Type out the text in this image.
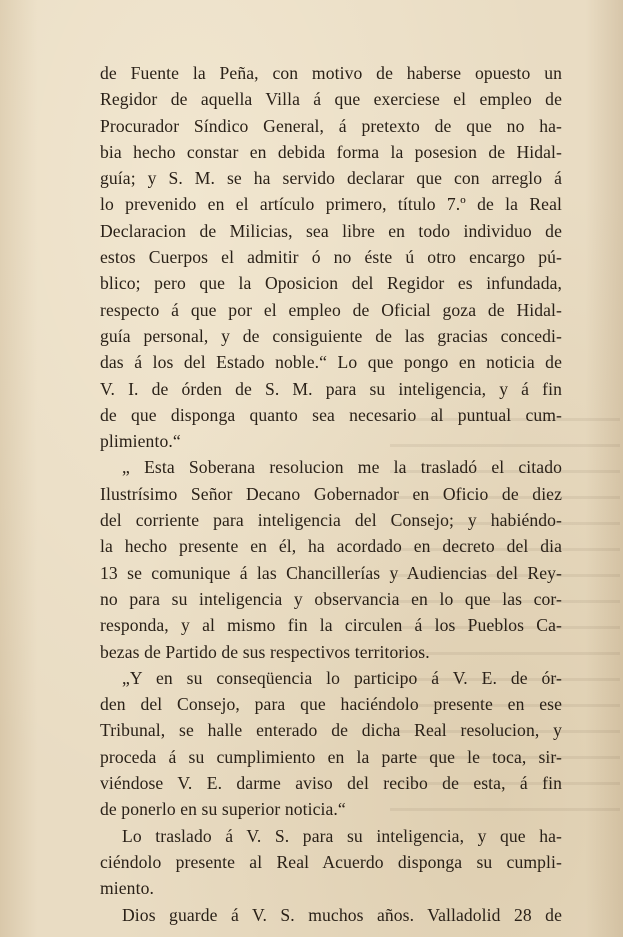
de Fuente la Peña, con motivo de haberse opuesto un
Regidor de aquella Villa á que exerciese el empleo de
Procurador Síndico General, á pretexto de que no ha-
bia hecho constar en debida forma la posesion de Hidal-
guía; y S. M. se ha servido declarar que con arreglo á
lo prevenido en el artículo primero, título 7.º de la Real
Declaracion de Milicias, sea libre en todo individuo de
estos Cuerpos el admitir ó no éste ú otro encargo pú-
blico; pero que la Oposicion del Regidor es infundada,
respecto á que por el empleo de Oficial goza de Hidal-
guía personal, y de consiguiente de las gracias concedi-
das á los del Estado noble.“ Lo que pongo en noticia de
V. I. de órden de S. M. para su inteligencia, y á fin
de que disponga quanto sea necesario al puntual cum-
plimiento.“
„ Esta Soberana resolucion me la trasladó el citado
Ilustrísimo Señor Decano Gobernador en Oficio de diez
del corriente para inteligencia del Consejo; y habiéndo-
la hecho presente en él, ha acordado en decreto del dia
13 se comunique á las Chancillerías y Audiencias del Rey-
no para su inteligencia y observancia en lo que las cor-
responda, y al mismo fin la circulen á los Pueblos Ca-
bezas de Partido de sus respectivos territorios.
„Y en su conseqüencia lo participo á V. E. de ór-
den del Consejo, para que haciéndolo presente en ese
Tribunal, se halle enterado de dicha Real resolucion, y
proceda á su cumplimiento en la parte que le toca, sir-
viéndose V. E. darme aviso del recibo de esta, á fin
de ponerlo en su superior noticia.“
Lo traslado á V. S. para su inteligencia, y que ha-
ciéndolo presente al Real Acuerdo disponga su cumpli-
miento.
Dios guarde á V. S. muchos años. Valladolid 28 de
